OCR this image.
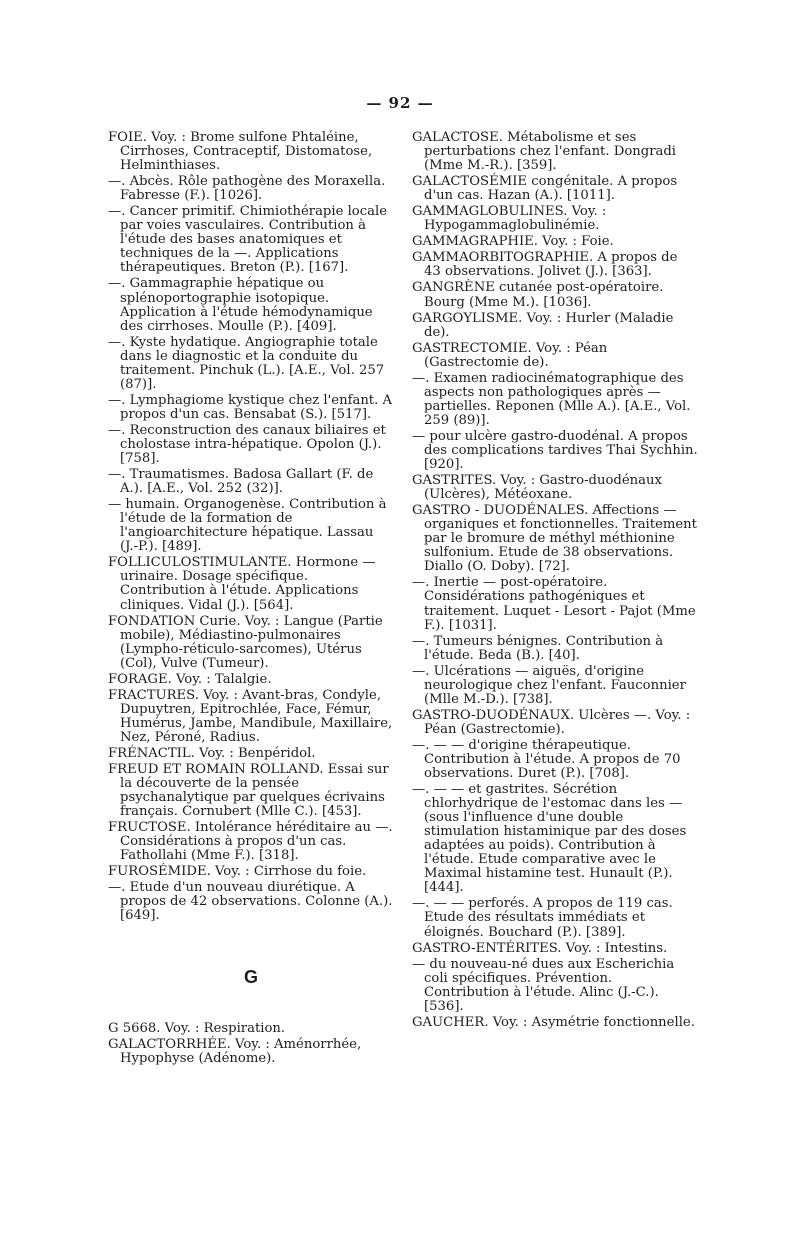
— 92 —

FOIE. Voy. : Brome sulfone Phtaléine, Cirrhoses, Contraceptif, Distomatose, Helminthiases.

—. Abcès. Rôle pathogène des Moraxella. Fabresse (F.). [1026].

—. Cancer primitif. Chimiothérapie locale par voies vasculaires. Contribution à l'étude des bases anatomiques et techniques de la —. Applications thérapeutiques. Breton (P.). [167].

—. Gammagraphie hépatique ou splénoportographie isotopique. Application à l'étude hémodynamique des cirrhoses. Moulle (P.). [409].

—. Kyste hydatique. Angiographie totale dans le diagnostic et la conduite du traitement. Pinchuk (L.). [A.E., Vol. 257 (87)].

—. Lymphagiome kystique chez l'enfant. A propos d'un cas. Bensabat (S.). [517].

—. Reconstruction des canaux biliaires et cholostase intra-hépatique. Opolon (J.). [758].

—. Traumatismes. Badosa Gallart (F. de A.). [A.E., Vol. 252 (32)].

— humain. Organogenèse. Contribution à l'étude de la formation de l'angioarchitecture hépatique. Lassau (J.-P.). [489].

FOLLICULOSTIMULANTE. Hormone — urinaire. Dosage spécifique. Contribution à l'étude. Applications cliniques. Vidal (J.). [564].

FONDATION Curie. Voy. : Langue (Partie mobile), Médiastino-pulmonaires (Lympho-réticulo-sarcomes), Utérus (Col), Vulve (Tumeur).

FORAGE. Voy. : Talalgie.

FRACTURES. Voy. : Avant-bras, Condyle, Dupuytren, Epitrochlée, Face, Fémur, Humérus, Jambe, Mandibule, Maxillaire, Nez, Péroné, Radius.

FRÉNACTIL. Voy. : Benpéridol.

FREUD ET ROMAIN ROLLAND. Essai sur la découverte de la pensée psychanalytique par quelques écrivains français. Cornubert (Mlle C.). [453].

FRUCTOSE. Intolérance héréditaire au —. Considérations à propos d'un cas. Fathollahi (Mme F.). [318].

FUROSÉMIDE. Voy. : Cirrhose du foie.

—. Etude d'un nouveau diurétique. A propos de 42 observations. Colonne (A.). [649].

G

G 5668. Voy. : Respiration.

GALACTORRHÉE. Voy. : Aménorrhée, Hypophyse (Adénome).

GALACTOSE. Métabolisme et ses perturbations chez l'enfant. Dongradi (Mme M.-R.). [359].

GALACTOSÉMIE congénitale. A propos d'un cas. Hazan (A.). [1011].

GAMMAGLOBULINES. Voy. : Hypogammaglobulinémie.

GAMMAGRAPHIE. Voy. : Foie.

GAMMAORBITOGRAPHIE. A propos de 43 observations. Jolivet (J.). [363].

GANGRÈNE cutanée post-opératoire. Bourg (Mme M.). [1036].

GARGOYLISME. Voy. : Hurler (Maladie de).

GASTRECTOMIE. Voy. : Péan (Gastrectomie de).

—. Examen radiocinématographique des aspects non pathologiques après — partielles. Reponen (Mlle A.). [A.E., Vol. 259 (89)].

— pour ulcère gastro-duodénal. A propos des complications tardives Thai Sychhin. [920].

GASTRITES. Voy. : Gastro-duodénaux (Ulcères), Météoxane.

GASTRO - DUODÉNALES. Affections — organiques et fonctionnelles. Traitement par le bromure de méthyl méthionine sulfonium. Etude de 38 observations. Diallo (O. Doby). [72].

—. Inertie — post-opératoire. Considérations pathogéniques et traitement. Luquet - Lesort - Pajot (Mme F.). [1031].

—. Tumeurs bénignes. Contribution à l'étude. Beda (B.). [40].

—. Ulcérations — aiguës, d'origine neurologique chez l'enfant. Fauconnier (Mlle M.-D.). [738].

GASTRO-DUODÉNAUX. Ulcères —. Voy. : Péan (Gastrectomie).

—. — — d'origine thérapeutique. Contribution à l'étude. A propos de 70 observations. Duret (P.). [708].

—. — — et gastrites. Sécrétion chlorhydrique de l'estomac dans les — (sous l'influence d'une double stimulation histaminique par des doses adaptées au poids). Contribution à l'étude. Etude comparative avec le Maximal histamine test. Hunault (P.). [444].

—. — — perforés. A propos de 119 cas. Etude des résultats immédiats et éloignés. Bouchard (P.). [389].

GASTRO-ENTÉRITES. Voy. : Intestins.

— du nouveau-né dues aux Escherichia coli spécifiques. Prévention. Contribution à l'étude. Alinc (J.-C.). [536].

GAUCHER. Voy. : Asymétrie fonctionnelle.
